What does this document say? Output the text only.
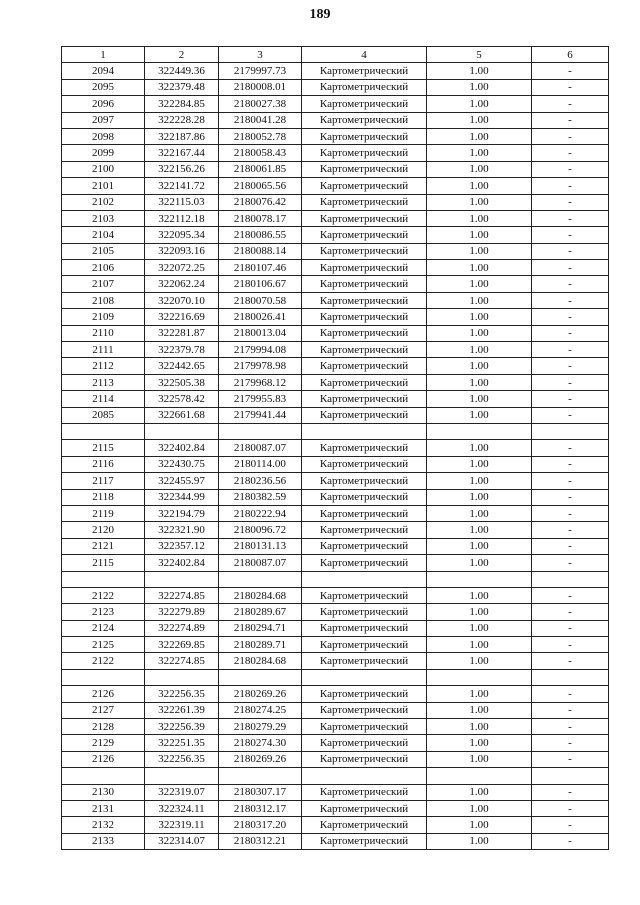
189
1	2	3	4	5	6
2094	322449.36	2179997.73	Картометрический	1.00	-
2095	322379.48	2180008.01	Картометрический	1.00	-
2096	322284.85	2180027.38	Картометрический	1.00	-
2097	322228.28	2180041.28	Картометрический	1.00	-
2098	322187.86	2180052.78	Картометрический	1.00	-
2099	322167.44	2180058.43	Картометрический	1.00	-
2100	322156.26	2180061.85	Картометрический	1.00	-
2101	322141.72	2180065.56	Картометрический	1.00	-
2102	322115.03	2180076.42	Картометрический	1.00	-
2103	322112.18	2180078.17	Картометрический	1.00	-
2104	322095.34	2180086.55	Картометрический	1.00	-
2105	322093.16	2180088.14	Картометрический	1.00	-
2106	322072.25	2180107.46	Картометрический	1.00	-
2107	322062.24	2180106.67	Картометрический	1.00	-
2108	322070.10	2180070.58	Картометрический	1.00	-
2109	322216.69	2180026.41	Картометрический	1.00	-
2110	322281.87	2180013.04	Картометрический	1.00	-
2111	322379.78	2179994.08	Картометрический	1.00	-
2112	322442.65	2179978.98	Картометрический	1.00	-
2113	322505.38	2179968.12	Картометрический	1.00	-
2114	322578.42	2179955.83	Картометрический	1.00	-
2085	322661.68	2179941.44	Картометрический	1.00	-

2115	322402.84	2180087.07	Картометрический	1.00	-
2116	322430.75	2180114.00	Картометрический	1.00	-
2117	322455.97	2180236.56	Картометрический	1.00	-
2118	322344.99	2180382.59	Картометрический	1.00	-
2119	322194.79	2180222.94	Картометрический	1.00	-
2120	322321.90	2180096.72	Картометрический	1.00	-
2121	322357.12	2180131.13	Картометрический	1.00	-
2115	322402.84	2180087.07	Картометрический	1.00	-

2122	322274.85	2180284.68	Картометрический	1.00	-
2123	322279.89	2180289.67	Картометрический	1.00	-
2124	322274.89	2180294.71	Картометрический	1.00	-
2125	322269.85	2180289.71	Картометрический	1.00	-
2122	322274.85	2180284.68	Картометрический	1.00	-

2126	322256.35	2180269.26	Картометрический	1.00	-
2127	322261.39	2180274.25	Картометрический	1.00	-
2128	322256.39	2180279.29	Картометрический	1.00	-
2129	322251.35	2180274.30	Картометрический	1.00	-
2126	322256.35	2180269.26	Картометрический	1.00	-

2130	322319.07	2180307.17	Картометрический	1.00	-
2131	322324.11	2180312.17	Картометрический	1.00	-
2132	322319.11	2180317.20	Картометрический	1.00	-
2133	322314.07	2180312.21	Картометрический	1.00	-
